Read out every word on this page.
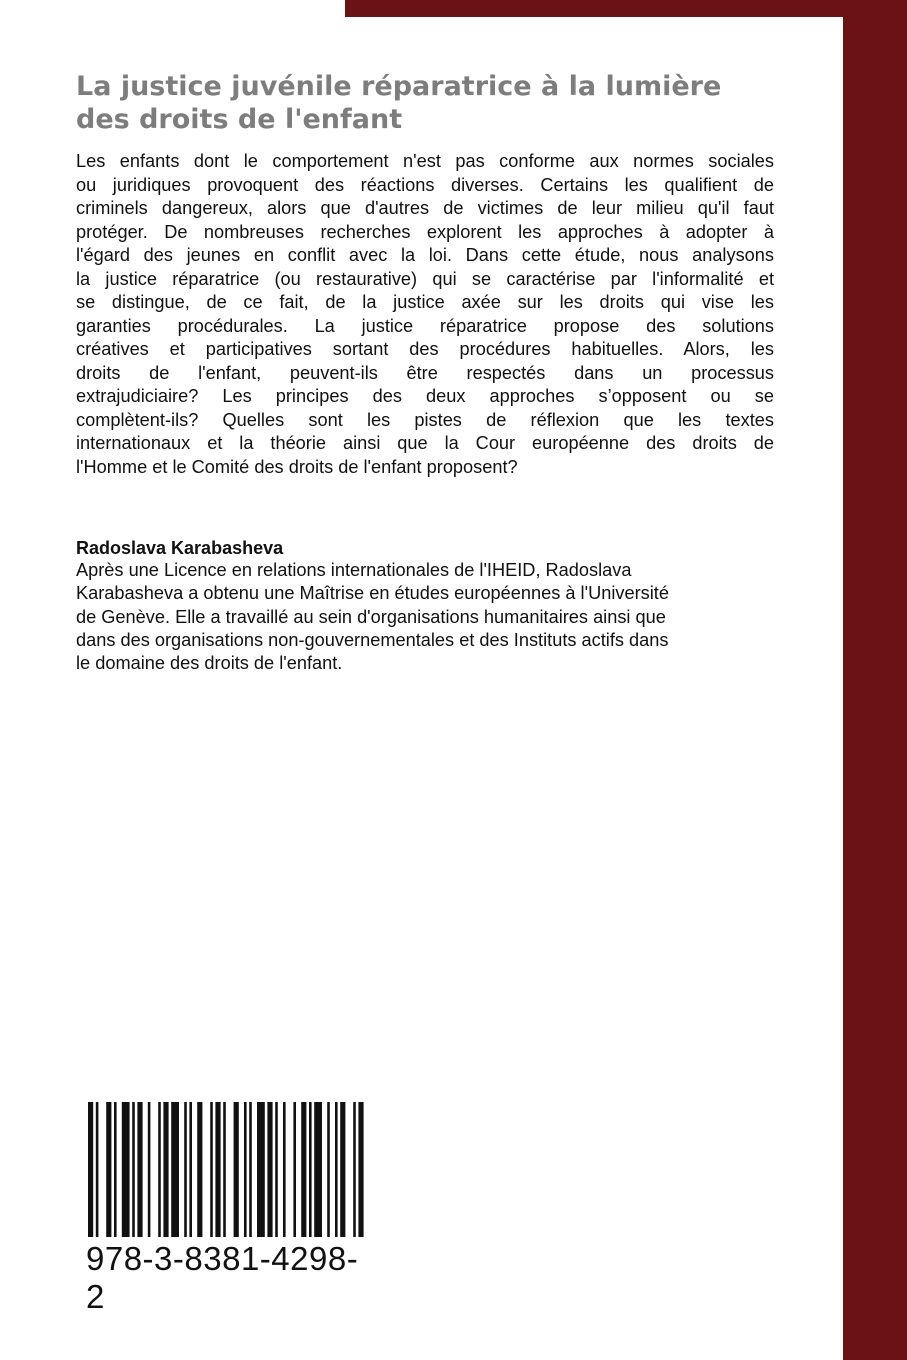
La justice juvénile réparatrice à la lumière
des droits de l'enfant
Les enfants dont le comportement n'est pas conforme aux normes sociales
ou juridiques provoquent des réactions diverses. Certains les qualifient de
criminels dangereux, alors que d'autres de victimes de leur milieu qu'il faut
protéger. De nombreuses recherches explorent les approches à adopter à
l'égard des jeunes en conflit avec la loi. Dans cette étude, nous analysons
la justice réparatrice (ou restaurative) qui se caractérise par l'informalité et
se distingue, de ce fait, de la justice axée sur les droits qui vise les
garanties procédurales. La justice réparatrice propose des solutions
créatives et participatives sortant des procédures habituelles. Alors, les
droits de l'enfant, peuvent-ils être respectés dans un processus
extrajudiciaire? Les principes des deux approches s’opposent ou se
complètent-ils? Quelles sont les pistes de réflexion que les textes
internationaux et la théorie ainsi que la Cour européenne des droits de
l'Homme et le Comité des droits de l'enfant proposent?
Radoslava Karabasheva
Après une Licence en relations internationales de l'IHEID, Radoslava
Karabasheva a obtenu une Maîtrise en études européennes à l'Université
de Genève. Elle a travaillé au sein d'organisations humanitaires ainsi que
dans des organisations non-gouvernementales et des Instituts actifs dans
le domaine des droits de l'enfant.
978-3-8381-4298-2
